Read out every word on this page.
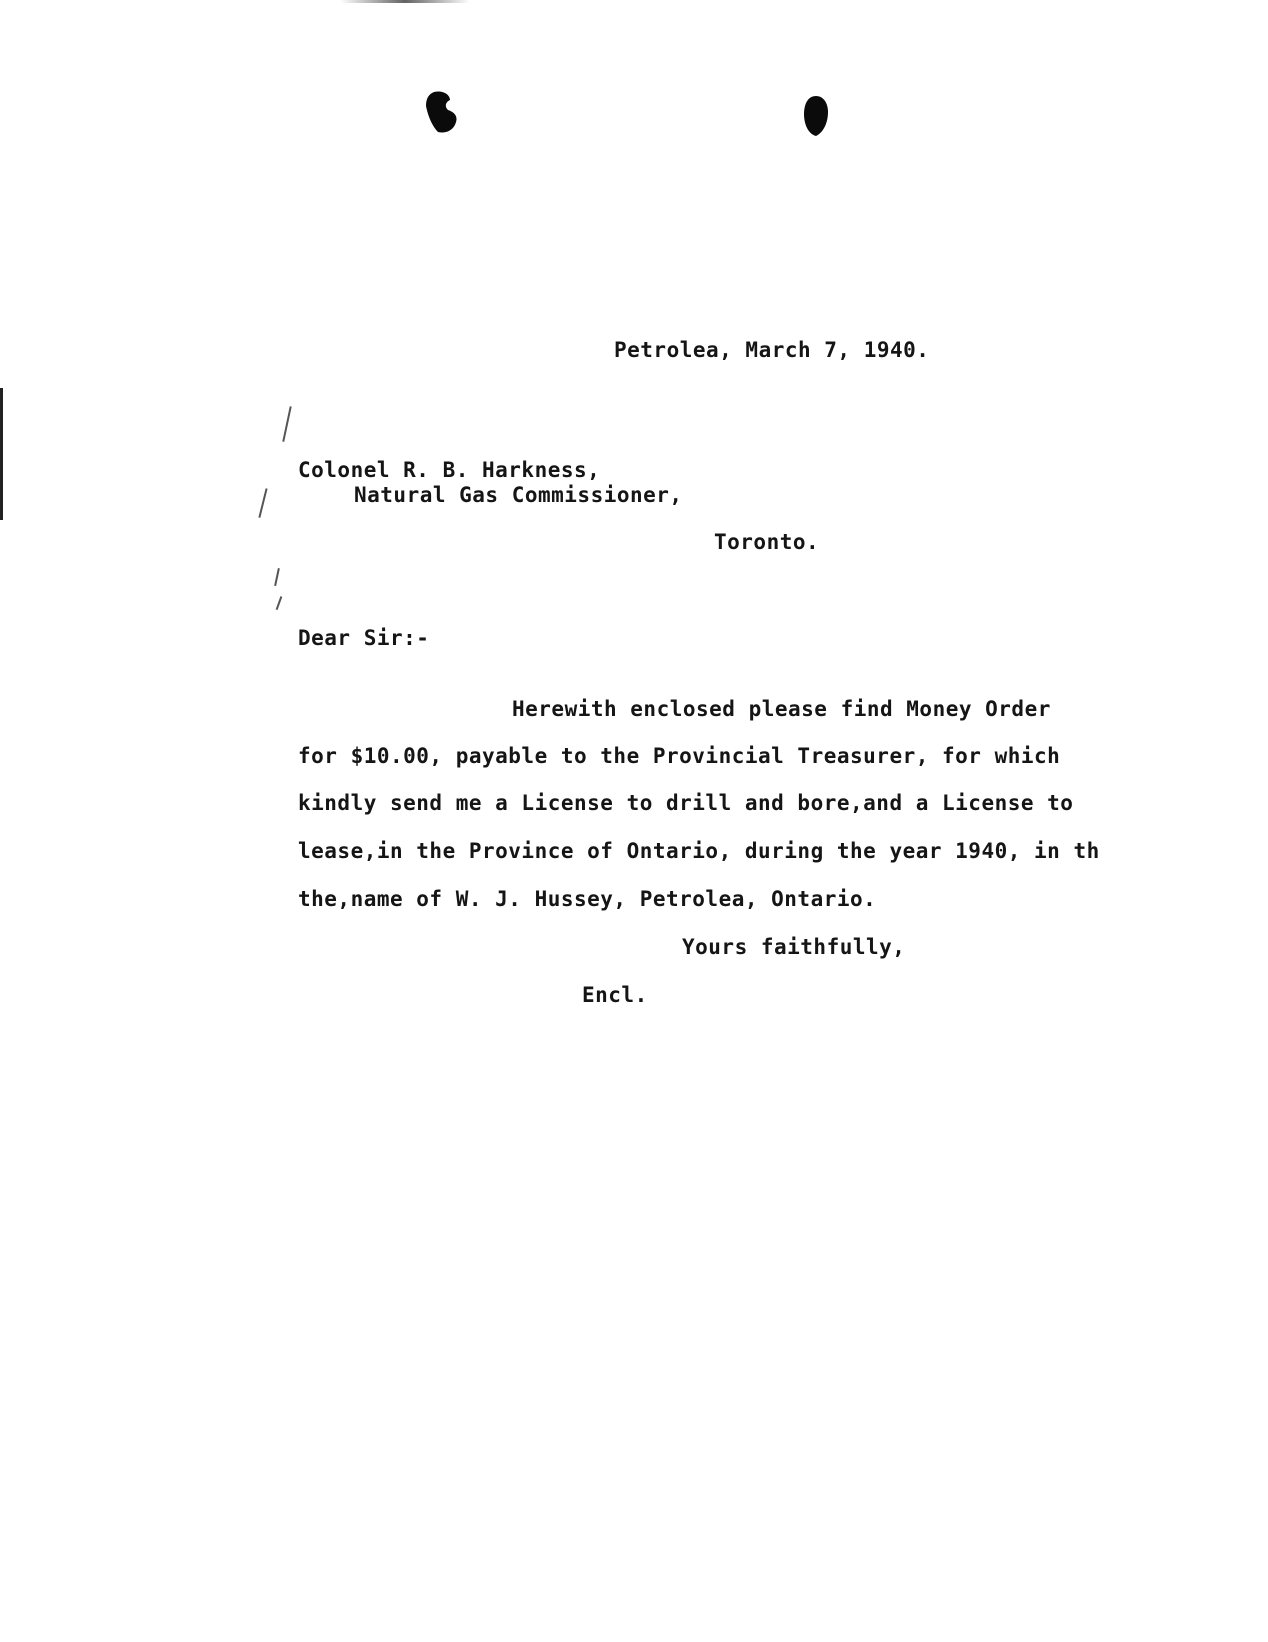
Petrolea, March 7, 1940.
Colonel R. B. Harkness,
Natural Gas Commissioner,
Toronto.
Dear Sir:-
Herewith enclosed please find Money Order
for $10.00, payable to the Provincial Treasurer, for which
kindly send me a License to drill and bore,and a License to
lease,in the Province of Ontario, during the year 1940, in th
the,name of W. J. Hussey, Petrolea, Ontario.
Yours faithfully,
Encl.
